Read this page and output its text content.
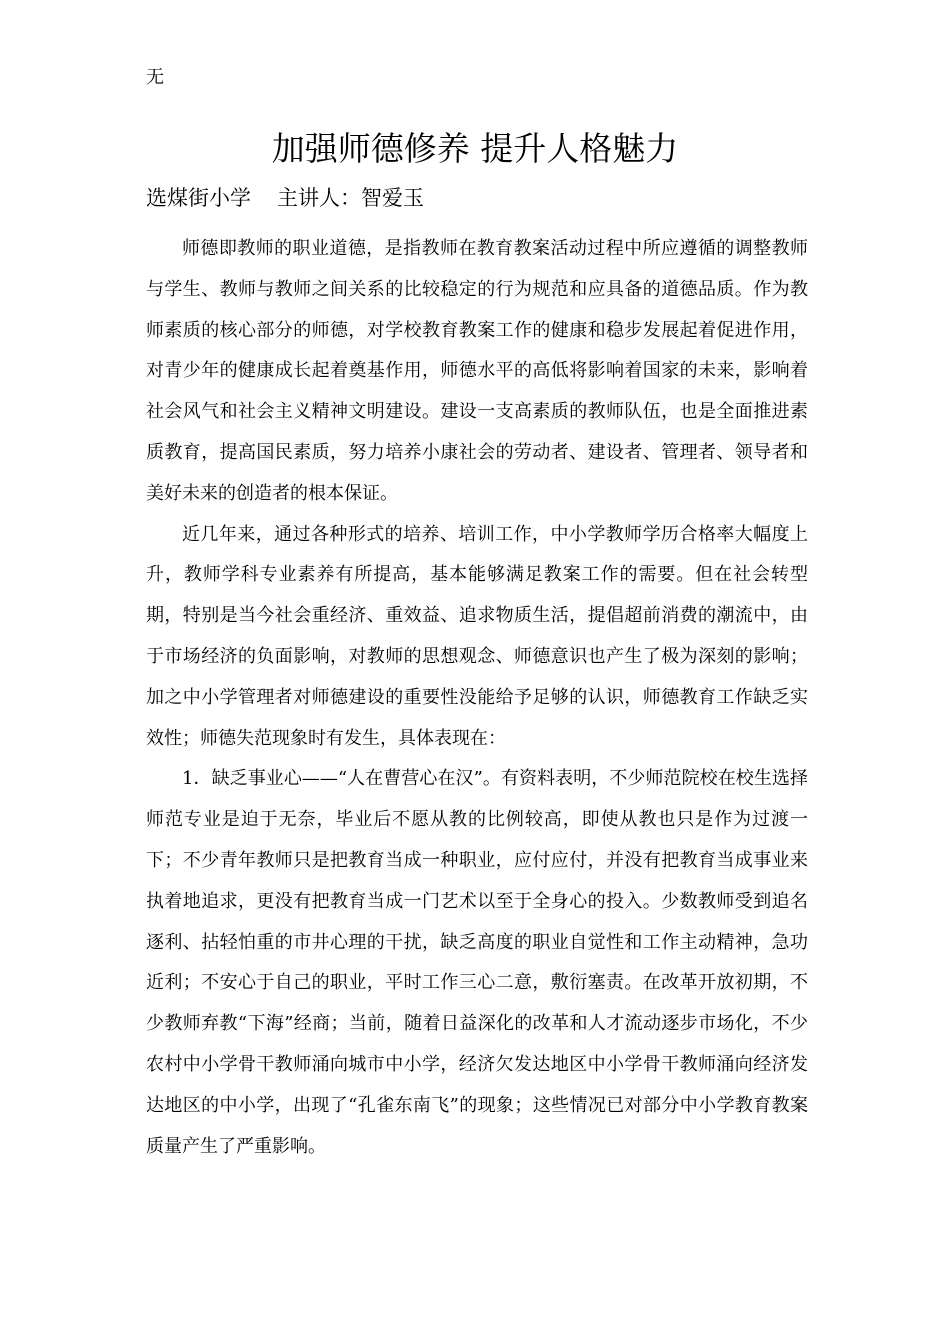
无
加强师德修养 提升人格魅力
选煤街小学 主讲人：智爱玉

师德即教师的职业道德，是指教师在教育教案活动过程中所应遵循的调整教师与学生、教师与教师之间关系的比较稳定的行为规范和应具备的道德品质。作为教师素质的核心部分的师德，对学校教育教案工作的健康和稳步发展起着促进作用，对青少年的健康成长起着奠基作用，师德水平的高低将影响着国家的未来，影响着社会风气和社会主义精神文明建设。建设一支高素质的教师队伍，也是全面推进素质教育，提高国民素质，努力培养小康社会的劳动者、建设者、管理者、领导者和美好未来的创造者的根本保证。

近几年来，通过各种形式的培养、培训工作，中小学教师学历合格率大幅度上升，教师学科专业素养有所提高，基本能够满足教案工作的需要。但在社会转型期，特别是当今社会重经济、重效益、追求物质生活，提倡超前消费的潮流中，由于市场经济的负面影响，对教师的思想观念、师德意识也产生了极为深刻的影响；加之中小学管理者对师德建设的重要性没能给予足够的认识，师德教育工作缺乏实效性；师德失范现象时有发生，具体表现在：

1．缺乏事业心——“人在曹营心在汉”。有资料表明，不少师范院校在校生选择师范专业是迫于无奈，毕业后不愿从教的比例较高，即使从教也只是作为过渡一下；不少青年教师只是把教育当成一种职业，应付应付，并没有把教育当成事业来执着地追求，更没有把教育当成一门艺术以至于全身心的投入。少数教师受到追名逐利、拈轻怕重的市井心理的干扰，缺乏高度的职业自觉性和工作主动精神，急功近利；不安心于自己的职业，平时工作三心二意，敷衍塞责。在改革开放初期，不少教师弃教“下海”经商；当前，随着日益深化的改革和人才流动逐步市场化，不少农村中小学骨干教师涌向城市中小学，经济欠发达地区中小学骨干教师涌向经济发达地区的中小学，出现了“孔雀东南飞”的现象；这些情况已对部分中小学教育教案质量产生了严重影响。
